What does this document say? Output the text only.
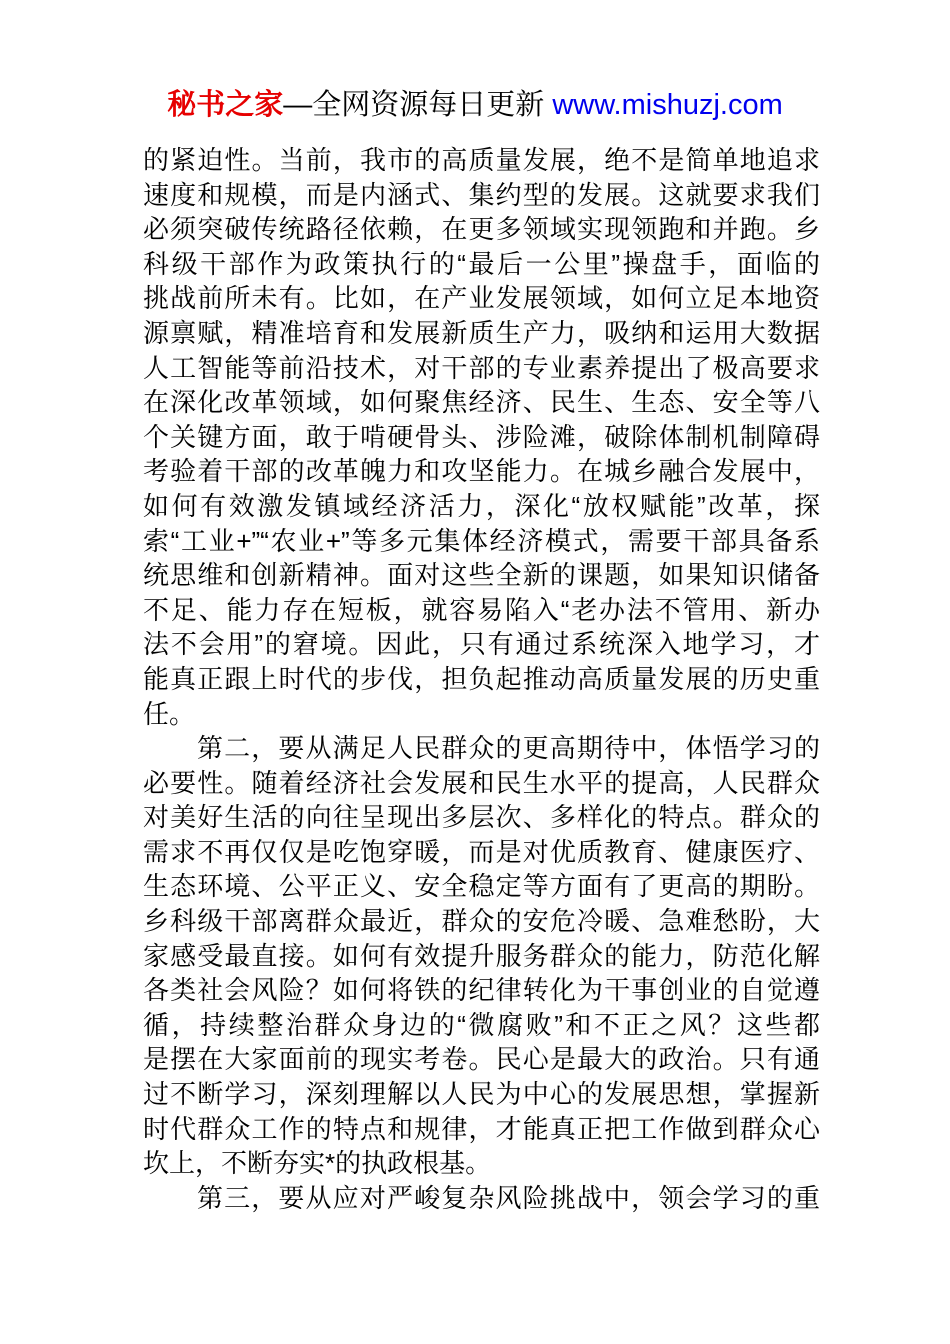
秘书之家—全网资源每日更新 www.mishuzj.com
的紧迫性。当前，我市的高质量发展，绝不是简单地追求
速度和规模，而是内涵式、集约型的发展。这就要求我们
必须突破传统路径依赖，在更多领域实现领跑和并跑。乡
科级干部作为政策执行的“最后一公里”操盘手，面临的
挑战前所未有。比如，在产业发展领域，如何立足本地资
源禀赋，精准培育和发展新质生产力，吸纳和运用大数据
人工智能等前沿技术，对干部的专业素养提出了极高要求
在深化改革领域，如何聚焦经济、民生、生态、安全等八
个关键方面，敢于啃硬骨头、涉险滩，破除体制机制障碍
考验着干部的改革魄力和攻坚能力。在城乡融合发展中，
如何有效激发镇域经济活力，深化“放权赋能”改革，探
索“工业+”“农业+”等多元集体经济模式，需要干部具备系
统思维和创新精神。面对这些全新的课题，如果知识储备
不足、能力存在短板，就容易陷入“老办法不管用、新办
法不会用”的窘境。因此，只有通过系统深入地学习，才
能真正跟上时代的步伐，担负起推动高质量发展的历史重
任。
第二，要从满足人民群众的更高期待中，体悟学习的
必要性。随着经济社会发展和民生水平的提高，人民群众
对美好生活的向往呈现出多层次、多样化的特点。群众的
需求不再仅仅是吃饱穿暖，而是对优质教育、健康医疗、
生态环境、公平正义、安全稳定等方面有了更高的期盼。
乡科级干部离群众最近，群众的安危冷暖、急难愁盼，大
家感受最直接。如何有效提升服务群众的能力，防范化解
各类社会风险？如何将铁的纪律转化为干事创业的自觉遵
循，持续整治群众身边的“微腐败”和不正之风？这些都
是摆在大家面前的现实考卷。民心是最大的政治。只有通
过不断学习，深刻理解以人民为中心的发展思想，掌握新
时代群众工作的特点和规律，才能真正把工作做到群众心
坎上，不断夯实*的执政根基。
第三，要从应对严峻复杂风险挑战中，领会学习的重
